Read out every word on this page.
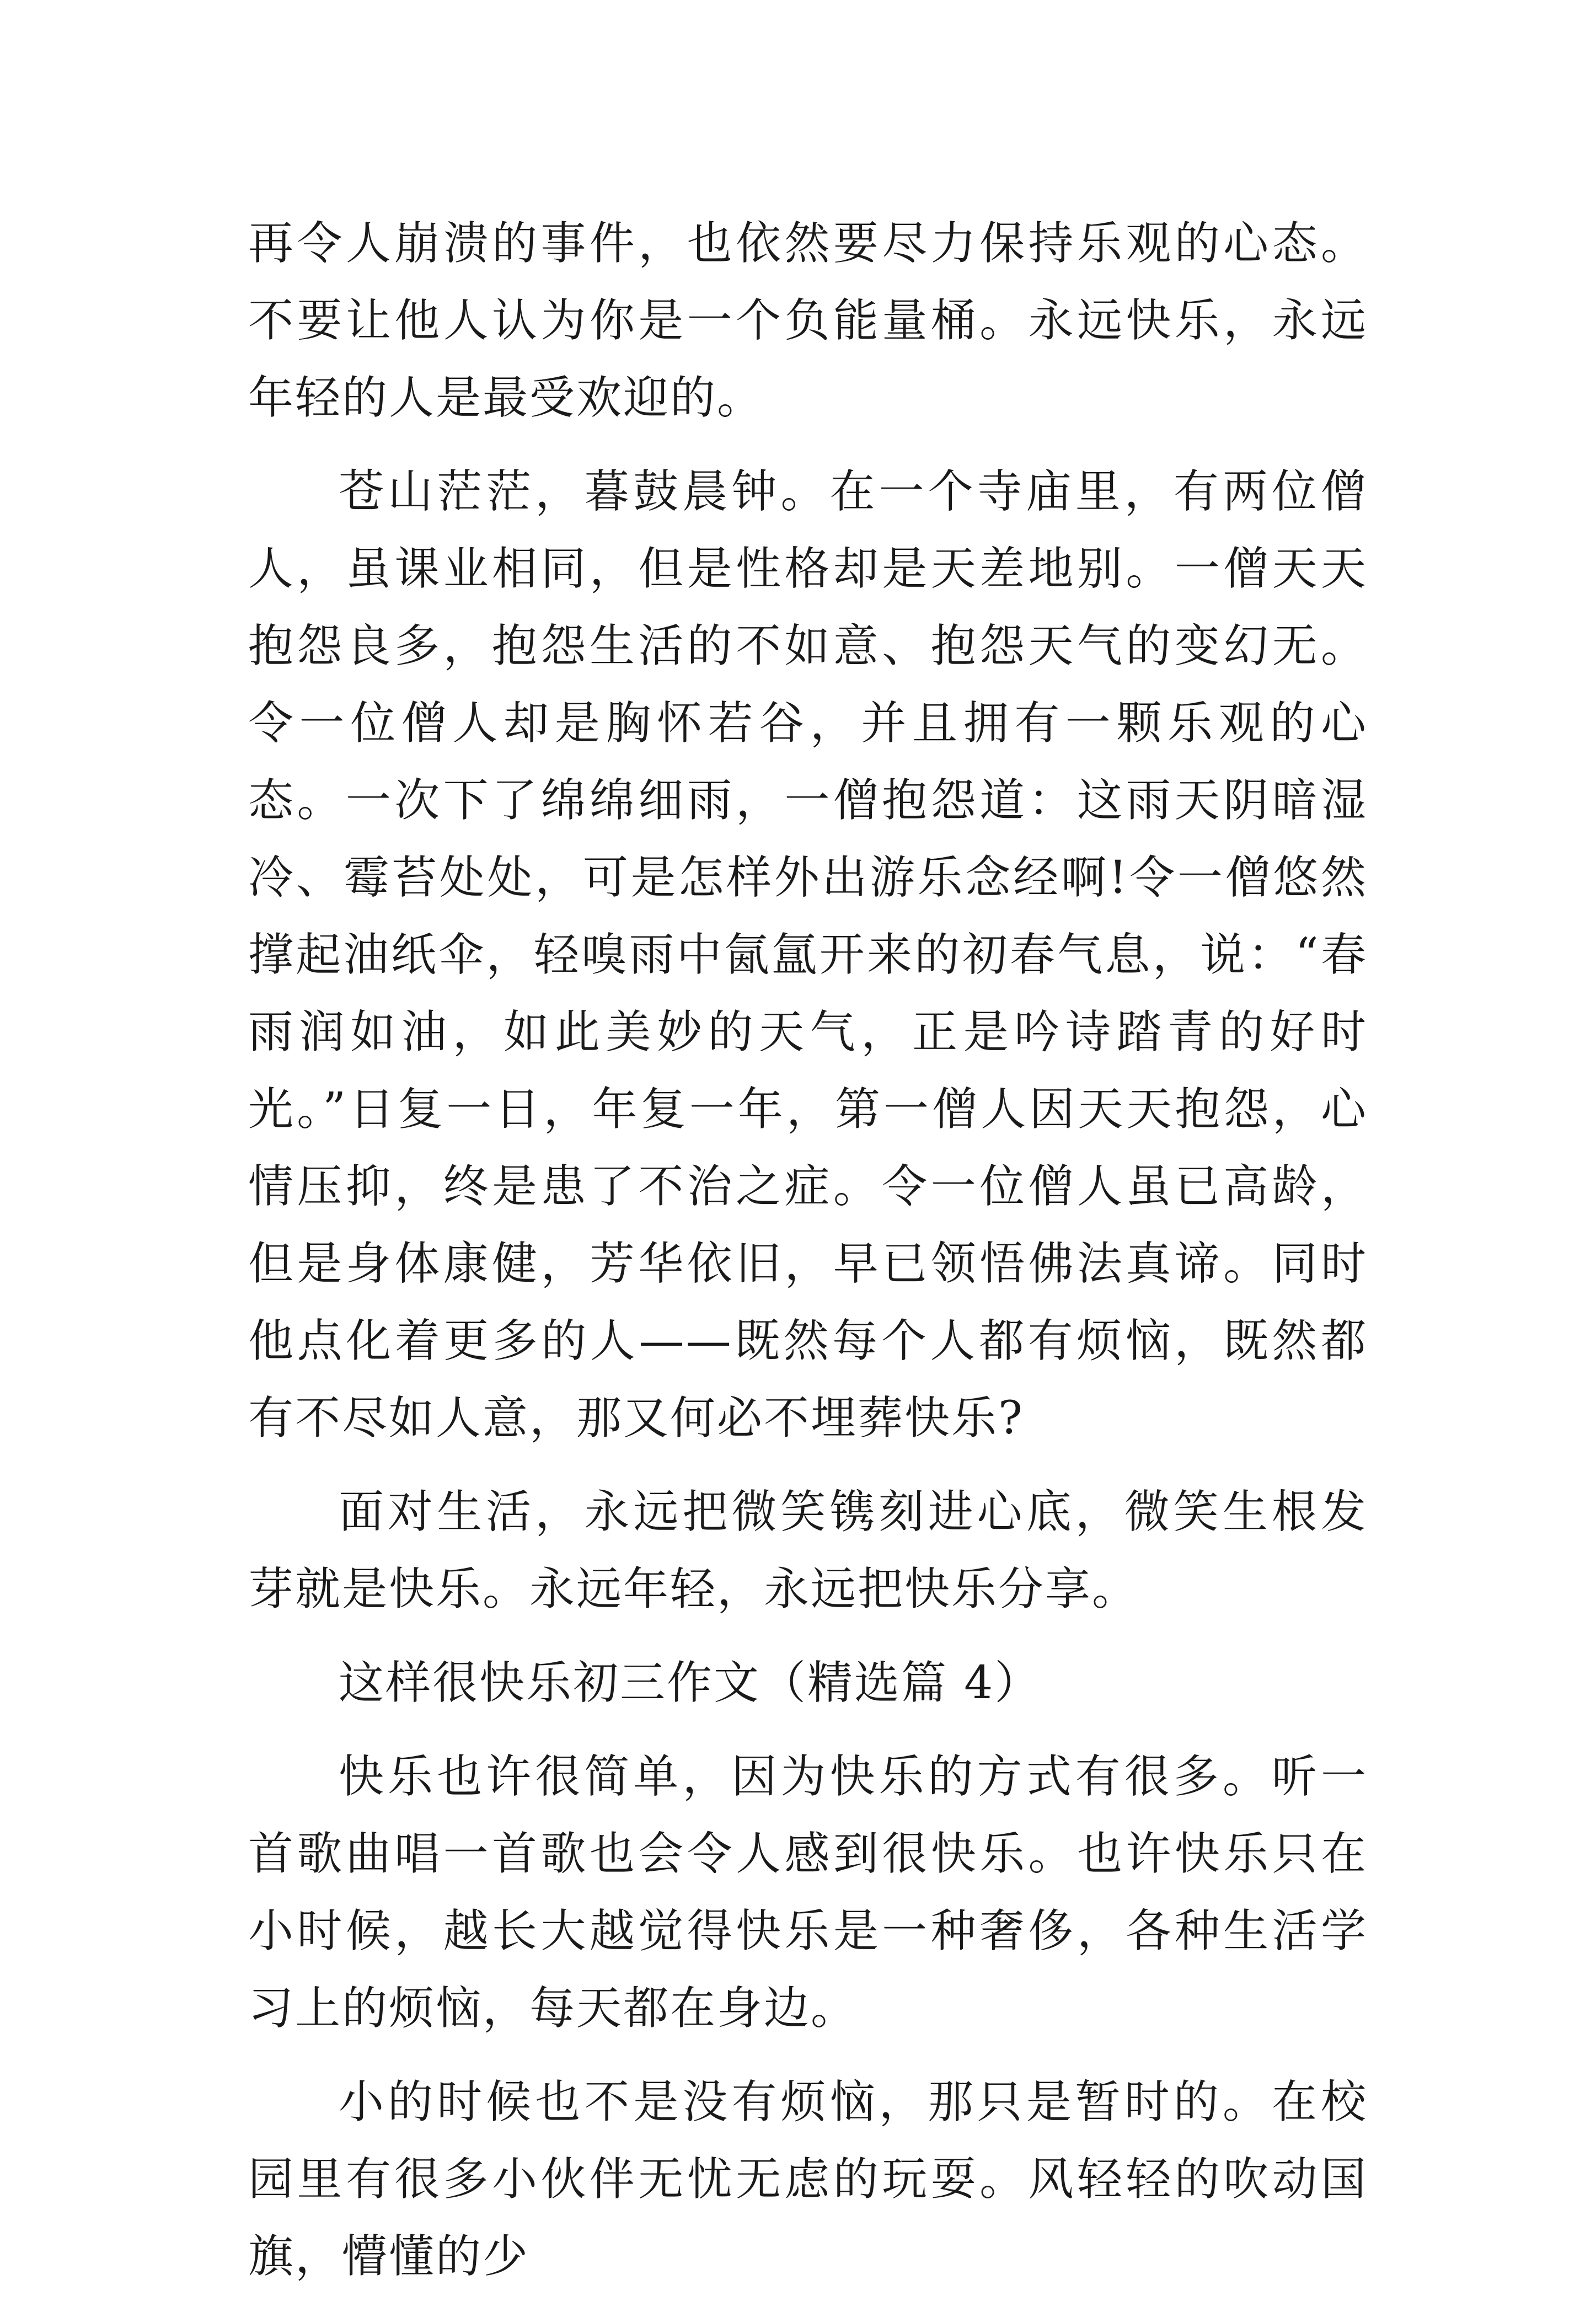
再令人崩溃的事件，也依然要尽力保持乐观的心态。不要让他人认为你是一个负能量桶。永远快乐，永远年轻的人是最受欢迎的。

苍山茫茫，暮鼓晨钟。在一个寺庙里，有两位僧人，虽课业相同，但是性格却是天差地别。一僧天天抱怨良多，抱怨生活的不如意、抱怨天气的变幻无。令一位僧人却是胸怀若谷，并且拥有一颗乐观的心态。一次下了绵绵细雨，一僧抱怨道：这雨天阴暗湿冷、霉苔处处，可是怎样外出游乐念经啊!令一僧悠然撑起油纸伞，轻嗅雨中氤氲开来的初春气息，说：“春雨润如油，如此美妙的天气，正是吟诗踏青的好时光。”日复一日，年复一年，第一僧人因天天抱怨，心情压抑，终是患了不治之症。令一位僧人虽已高龄，但是身体康健，芳华依旧，早已领悟佛法真谛。同时他点化着更多的人——既然每个人都有烦恼，既然都有不尽如人意，那又何必不埋葬快乐?

面对生活，永远把微笑镌刻进心底，微笑生根发芽就是快乐。永远年轻，永远把快乐分享。

这样很快乐初三作文（精选篇 4）

快乐也许很简单，因为快乐的方式有很多。听一首歌曲唱一首歌也会令人感到很快乐。也许快乐只在小时候，越长大越觉得快乐是一种奢侈，各种生活学习上的烦恼，每天都在身边。

小的时候也不是没有烦恼，那只是暂时的。在校园里有很多小伙伴无忧无虑的玩耍。风轻轻的吹动国旗，懵懂的少
